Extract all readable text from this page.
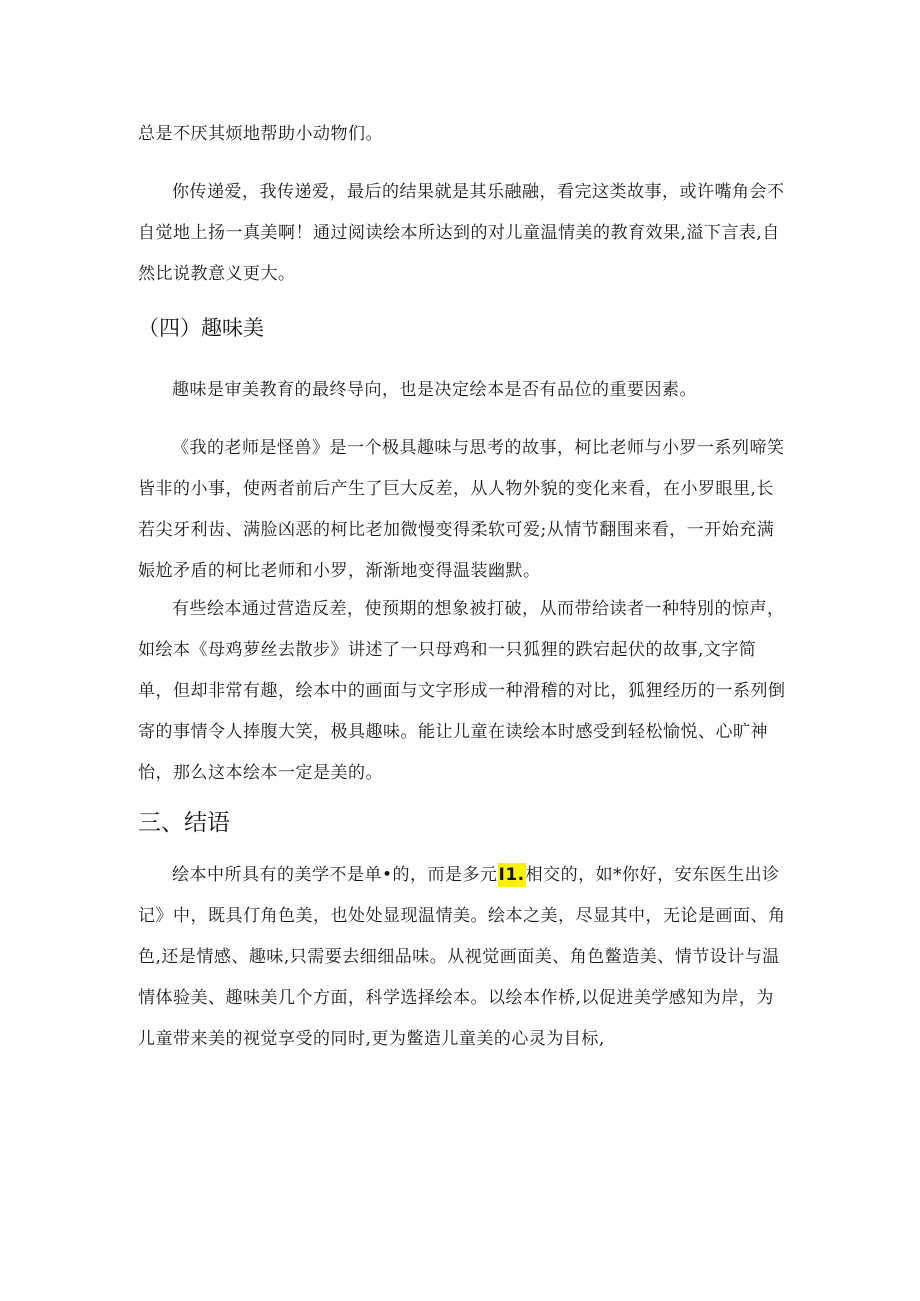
总是不厌其烦地帮助小动物们。

你传递爱，我传递爱，最后的结果就是其乐融融，看完这类故事，或许嘴角会不自觉地上扬一真美啊！通过阅读绘本所达到的对儿童温情美的教育效果,溢下言表,自然比说教意义更大。

（四）趣味美

趣味是审美教育的最终导向，也是决定绘本是否有品位的重要因素。

《我的老师是怪兽》是一个极具趣味与思考的故事，柯比老师与小罗一系列啼笑皆非的小事，使两者前后产生了巨大反差，从人物外貌的变化来看，在小罗眼里,长若尖牙利齿、满脸凶恶的柯比老加微慢变得柔软可爱;从情节翻围来看，一开始充满娠尬矛盾的柯比老师和小罗，渐渐地变得温装幽默。

有些绘本通过营造反差，使预期的想象被打破，从而带给读者一种特別的惊声，如绘本《母鸡萝丝去散步》讲述了一只母鸡和一只狐狸的跌宕起伏的故事,文字简单，但却非常有趣，绘本中的画面与文字形成一种滑稽的对比，狐狸经历的一系列倒寄的事情令人捧腹大笑，极具趣味。能让儿童在读绘本时感受到轻松愉悦、心旷神怡，那么这本绘本一定是美的。

三、结语

绘本中所具有的美学不是单•的，而是多元I1.相交的，如*你好，安东医生出诊记》中，既具仃角色美，也处处显现温情美。绘本之美，尽显其中，无论是画面、角色,还是情感、趣味,只需要去细细品味。从视觉画面美、角色鳖造美、情节设计与温情体验美、趣味美几个方面，科学选择绘本。以绘本作桥,以促进美学感知为岸，为儿童带来美的视觉享受的同时,更为鳖造儿童美的心灵为目标,
